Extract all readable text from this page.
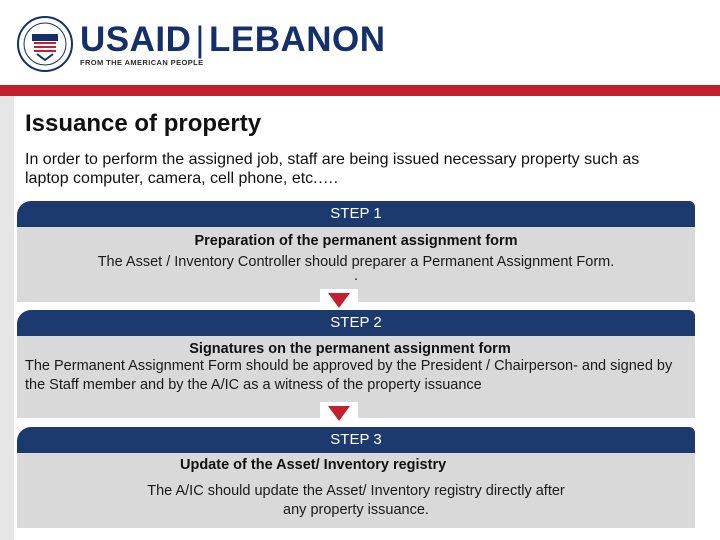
USAID | LEBANON
FROM THE AMERICAN PEOPLE
Issuance of property
In order to perform the assigned job, staff are being issued necessary property such as laptop computer, camera, cell phone, etc.….
STEP 1
Preparation of the permanent assignment form
The Asset / Inventory Controller should preparer a Permanent Assignment Form.
.
STEP 2
Signatures on the permanent assignment form
The Permanent Assignment Form should be approved by the President / Chairperson- and signed by the Staff member and by the A/IC as a witness of the property issuance
STEP 3
Update of the Asset/ Inventory registry
The A/IC should update the Asset/ Inventory registry directly after any property issuance.
